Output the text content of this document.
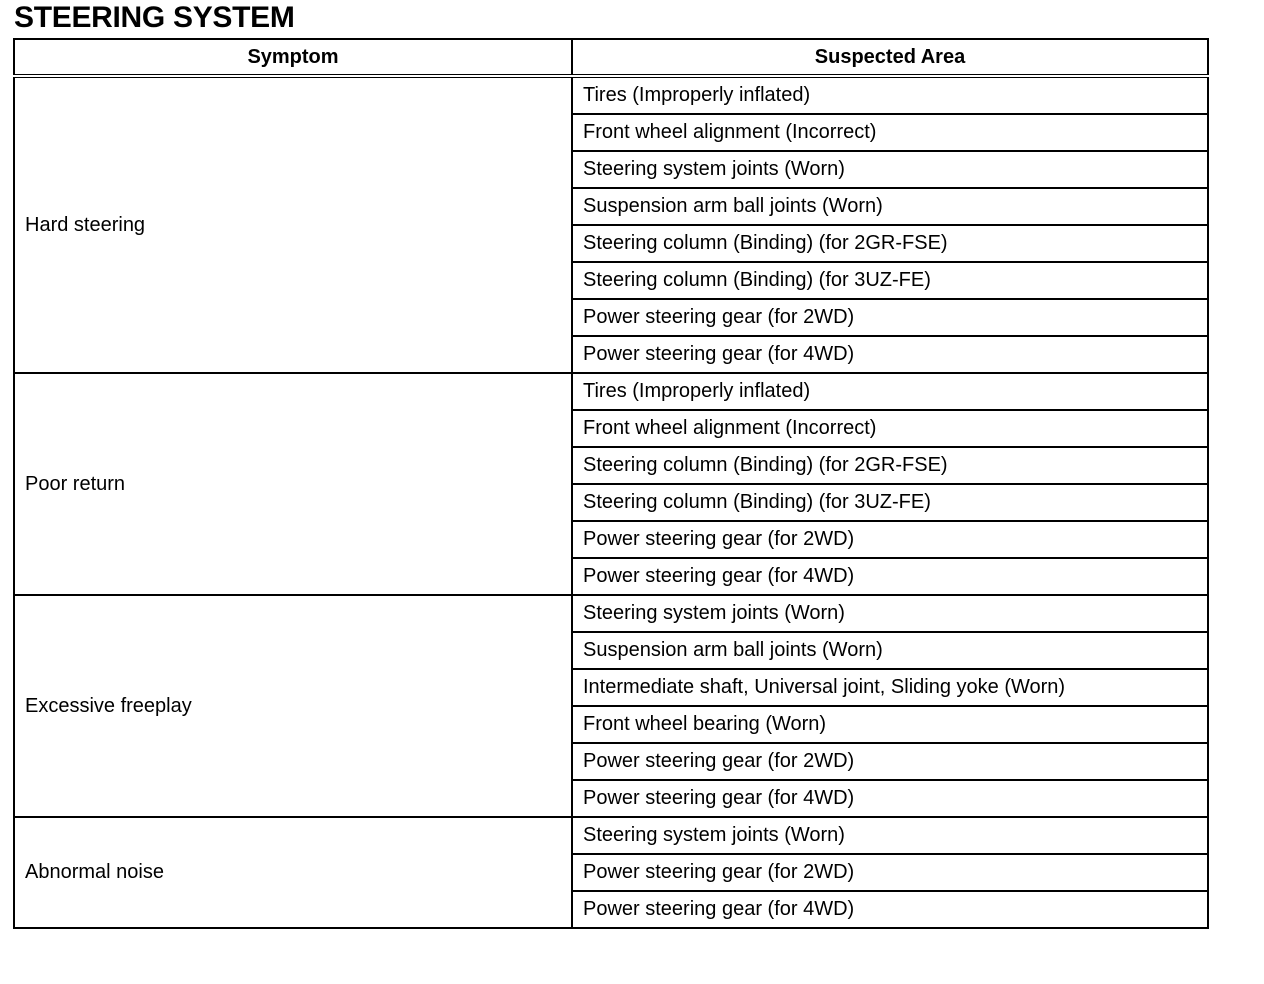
STEERING SYSTEM
Symptom	Suspected Area
Hard steering	Tires (Improperly inflated)
	Front wheel alignment (Incorrect)
	Steering system joints (Worn)
	Suspension arm ball joints (Worn)
	Steering column (Binding) (for 2GR-FSE)
	Steering column (Binding) (for 3UZ-FE)
	Power steering gear (for 2WD)
	Power steering gear (for 4WD)
Poor return	Tires (Improperly inflated)
	Front wheel alignment (Incorrect)
	Steering column (Binding) (for 2GR-FSE)
	Steering column (Binding) (for 3UZ-FE)
	Power steering gear (for 2WD)
	Power steering gear (for 4WD)
Excessive freeplay	Steering system joints (Worn)
	Suspension arm ball joints (Worn)
	Intermediate shaft, Universal joint, Sliding yoke (Worn)
	Front wheel bearing (Worn)
	Power steering gear (for 2WD)
	Power steering gear (for 4WD)
Abnormal noise	Steering system joints (Worn)
	Power steering gear (for 2WD)
	Power steering gear (for 4WD)
